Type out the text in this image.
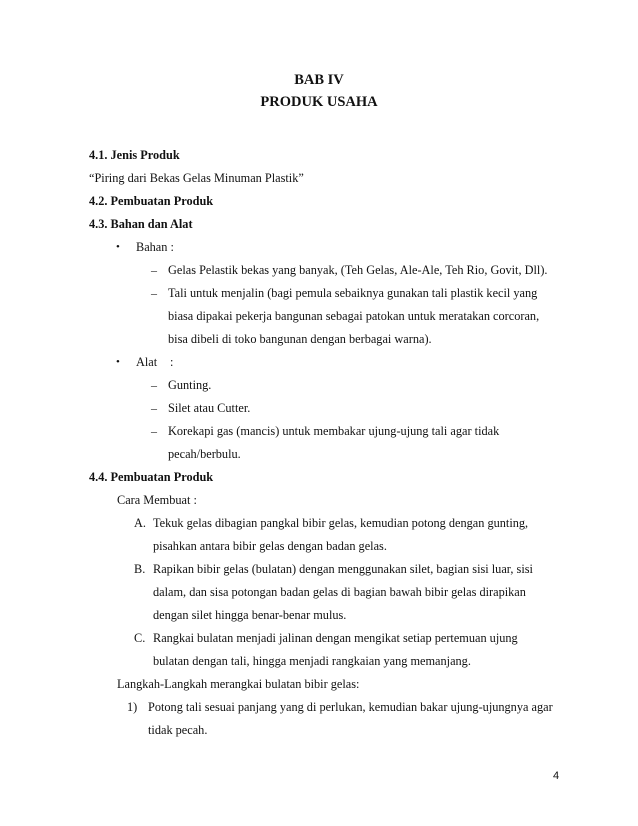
BAB IV
PRODUK USAHA
4.1. Jenis Produk
“Piring dari Bekas Gelas Minuman Plastik”
4.2. Pembuatan Produk
4.3. Bahan dan Alat
• Bahan :
– Gelas Pelastik bekas yang banyak, (Teh Gelas, Ale-Ale, Teh Rio, Govit, Dll).
– Tali untuk menjalin (bagi pemula sebaiknya gunakan tali plastik kecil yang
biasa dipakai pekerja bangunan sebagai patokan untuk meratakan corcoran,
bisa dibeli di toko bangunan dengan berbagai warna).
• Alat :
– Gunting.
– Silet atau Cutter.
– Korekapi gas (mancis) untuk membakar ujung-ujung tali agar tidak
pecah/berbulu.
4.4. Pembuatan Produk
Cara Membuat :
A. Tekuk gelas dibagian pangkal bibir gelas, kemudian potong dengan gunting,
pisahkan antara bibir gelas dengan badan gelas.
B. Rapikan bibir gelas (bulatan) dengan menggunakan silet, bagian sisi luar, sisi
dalam, dan sisa potongan badan gelas di bagian bawah bibir gelas dirapikan
dengan silet hingga benar-benar mulus.
C. Rangkai bulatan menjadi jalinan dengan mengikat setiap pertemuan ujung
bulatan dengan tali, hingga menjadi rangkaian yang memanjang.
Langkah-Langkah merangkai bulatan bibir gelas:
1) Potong tali sesuai panjang yang di perlukan, kemudian bakar ujung-ujungnya agar
tidak pecah.
4
